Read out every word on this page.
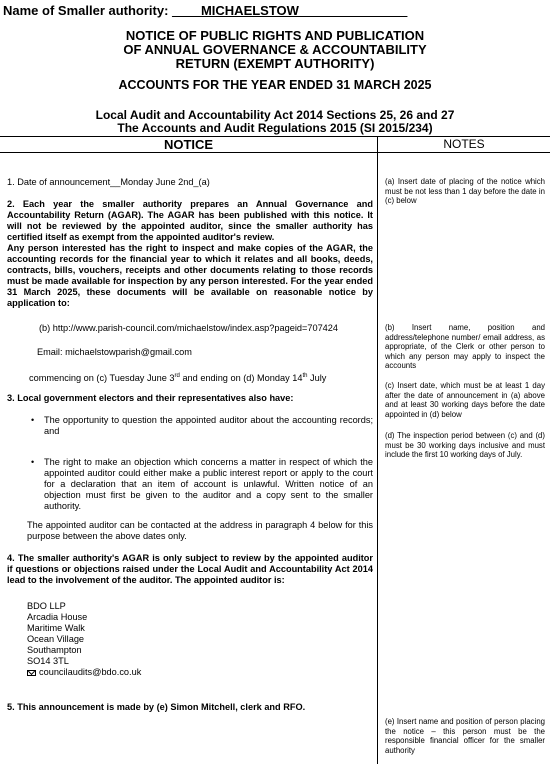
Name of Smaller authority: ____MICHAELSTOW_______________
NOTICE OF PUBLIC RIGHTS AND PUBLICATION
OF ANNUAL GOVERNANCE & ACCOUNTABILITY
RETURN (EXEMPT AUTHORITY)
ACCOUNTS FOR THE YEAR ENDED 31 MARCH 2025
Local Audit and Accountability Act 2014 Sections 25, 26 and 27
The Accounts and Audit Regulations 2015 (SI 2015/234)
NOTICE	NOTES
1. Date of announcement__Monday June 2nd_(a)
2. Each year the smaller authority prepares an Annual Governance and Accountability Return (AGAR). The AGAR has been published with this notice. It will not be reviewed by the appointed auditor, since the smaller authority has certified itself as exempt from the appointed auditor's review.
Any person interested has the right to inspect and make copies of the AGAR, the accounting records for the financial year to which it relates and all books, deeds, contracts, bills, vouchers, receipts and other documents relating to those records must be made available for inspection by any person interested. For the year ended 31 March 2025, these documents will be available on reasonable notice by application to:
(b) http://www.parish-council.com/michaelstow/index.asp?pageid=707424
Email: michaelstowparish@gmail.com
commencing on (c) Tuesday June 3rd and ending on (d) Monday 14th July
3. Local government electors and their representatives also have:
• The opportunity to question the appointed auditor about the accounting records; and
• The right to make an objection which concerns a matter in respect of which the appointed auditor could either make a public interest report or apply to the court for a declaration that an item of account is unlawful. Written notice of an objection must first be given to the auditor and a copy sent to the smaller authority.
The appointed auditor can be contacted at the address in paragraph 4 below for this purpose between the above dates only.
4. The smaller authority's AGAR is only subject to review by the appointed auditor if questions or objections raised under the Local Audit and Accountability Act 2014 lead to the involvement of the auditor. The appointed auditor is:
BDO LLP
Arcadia House
Maritime Walk
Ocean Village
Southampton
SO14 3TL
councilaudits@bdo.co.uk
5. This announcement is made by (e) Simon Mitchell, clerk and RFO.
(a) Insert date of placing of the notice which must be not less than 1 day before the date in (c) below
(b) Insert name, position and address/telephone number/ email address, as appropriate, of the Clerk or other person to which any person may apply to inspect the accounts
(c) Insert date, which must be at least 1 day after the date of announcement in (a) above and at least 30 working days before the date appointed in (d) below
(d) The inspection period between (c) and (d) must be 30 working days inclusive and must include the first 10 working days of July.
(e) Insert name and position of person placing the notice – this person must be the responsible financial officer for the smaller authority
